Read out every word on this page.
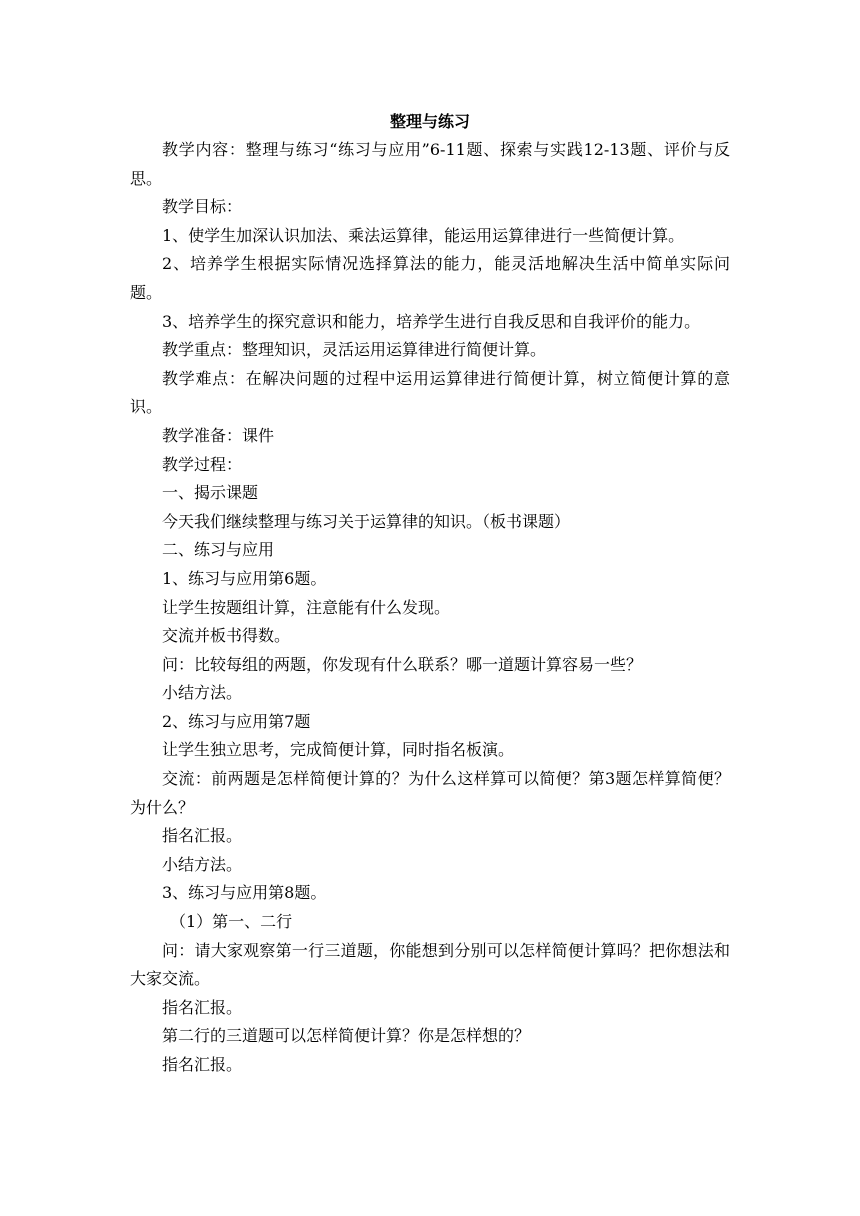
整理与练习

教学内容：整理与练习“练习与应用”6-11题、探索与实践12-13题、评价与反思。

教学目标：

1、使学生加深认识加法、乘法运算律，能运用运算律进行一些简便计算。

2、培养学生根据实际情况选择算法的能力，能灵活地解决生活中简单实际问题。

3、培养学生的探究意识和能力，培养学生进行自我反思和自我评价的能力。

教学重点：整理知识，灵活运用运算律进行简便计算。

教学难点：在解决问题的过程中运用运算律进行简便计算，树立简便计算的意识。

教学准备：课件

教学过程：

一、揭示课题

今天我们继续整理与练习关于运算律的知识。（板书课题）

二、练习与应用

1、练习与应用第6题。

让学生按题组计算，注意能有什么发现。

交流并板书得数。

问：比较每组的两题，你发现有什么联系？哪一道题计算容易一些？

小结方法。

2、练习与应用第7题

让学生独立思考，完成简便计算，同时指名板演。

交流：前两题是怎样简便计算的？为什么这样算可以简便？第3题怎样算简便？为什么？

指名汇报。

小结方法。

3、练习与应用第8题。

（1）第一、二行

问：请大家观察第一行三道题，你能想到分别可以怎样简便计算吗？把你想法和大家交流。

指名汇报。

第二行的三道题可以怎样简便计算？你是怎样想的？

指名汇报。
